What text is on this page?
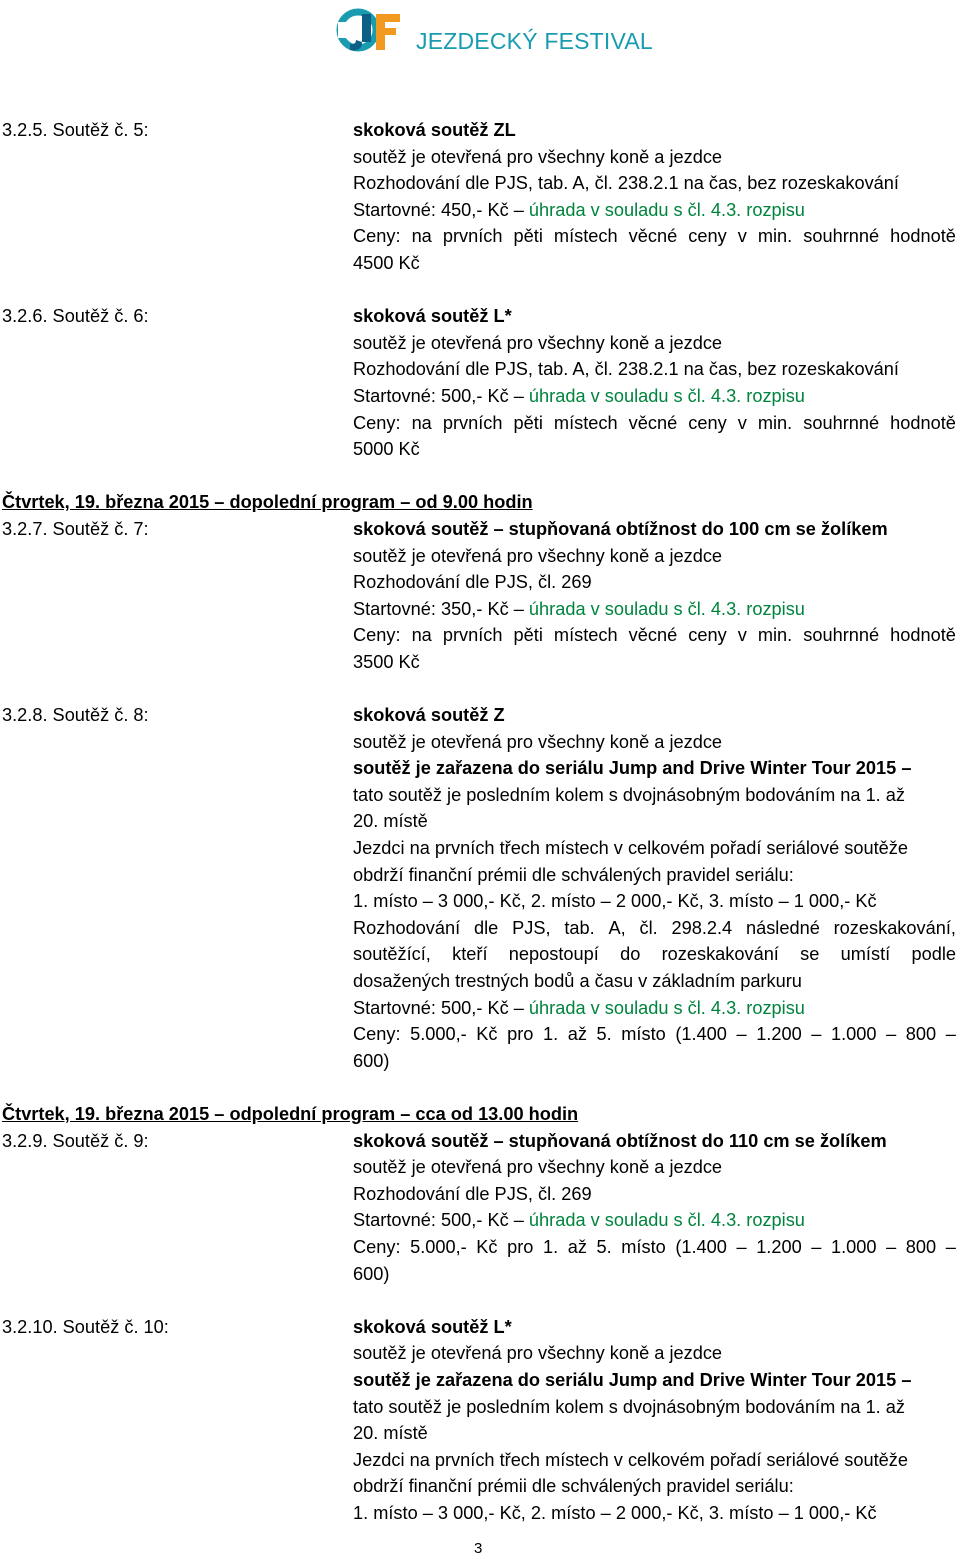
JEZDECKÝ FESTIVAL
3.2.5. Soutěž č. 5:	skoková soutěž ZL
soutěž je otevřená pro všechny koně a jezdce
Rozhodování dle PJS, tab. A, čl. 238.2.1 na čas, bez rozeskakování
Startovné: 450,- Kč – úhrada v souladu s čl. 4.3. rozpisu
Ceny: na prvních pěti místech věcné ceny v min. souhrnné hodnotě
4500 Kč
3.2.6. Soutěž č. 6:	skoková soutěž L*
soutěž je otevřená pro všechny koně a jezdce
Rozhodování dle PJS, tab. A, čl. 238.2.1 na čas, bez rozeskakování
Startovné: 500,- Kč – úhrada v souladu s čl. 4.3. rozpisu
Ceny: na prvních pěti místech věcné ceny v min. souhrnné hodnotě
5000 Kč
Čtvrtek, 19. března 2015 – dopolední program – od 9.00 hodin
3.2.7. Soutěž č. 7:	skoková soutěž – stupňovaná obtížnost do 100 cm se žolíkem
soutěž je otevřená pro všechny koně a jezdce
Rozhodování dle PJS, čl. 269
Startovné: 350,- Kč – úhrada v souladu s čl. 4.3. rozpisu
Ceny: na prvních pěti místech věcné ceny v min. souhrnné hodnotě
3500 Kč
3.2.8. Soutěž č. 8:	skoková soutěž Z
soutěž je otevřená pro všechny koně a jezdce
soutěž je zařazena do seriálu Jump and Drive Winter Tour 2015 –
tato soutěž je posledním kolem s dvojnásobným bodováním na 1. až
20. místě
Jezdci na prvních třech místech v celkovém pořadí seriálové soutěže
obdrží finanční prémii dle schválených pravidel seriálu:
1. místo – 3 000,- Kč, 2. místo – 2 000,- Kč, 3. místo – 1 000,- Kč
Rozhodování dle PJS, tab. A, čl. 298.2.4 následné rozeskakování,
soutěžící, kteří nepostoupí do rozeskakování se umístí podle
dosažených trestných bodů a času v základním parkuru
Startovné: 500,- Kč – úhrada v souladu s čl. 4.3. rozpisu
Ceny: 5.000,- Kč pro 1. až 5. místo (1.400 – 1.200 – 1.000 – 800 –
600)
Čtvrtek, 19. března 2015 – odpolední program – cca od 13.00 hodin
3.2.9. Soutěž č. 9:	skoková soutěž – stupňovaná obtížnost do 110 cm se žolíkem
soutěž je otevřená pro všechny koně a jezdce
Rozhodování dle PJS, čl. 269
Startovné: 500,- Kč – úhrada v souladu s čl. 4.3. rozpisu
Ceny: 5.000,- Kč pro 1. až 5. místo (1.400 – 1.200 – 1.000 – 800 –
600)
3.2.10. Soutěž č. 10:	skoková soutěž L*
soutěž je otevřená pro všechny koně a jezdce
soutěž je zařazena do seriálu Jump and Drive Winter Tour 2015 –
tato soutěž je posledním kolem s dvojnásobným bodováním na 1. až
20. místě
Jezdci na prvních třech místech v celkovém pořadí seriálové soutěže
obdrží finanční prémii dle schválených pravidel seriálu:
1. místo – 3 000,- Kč, 2. místo – 2 000,- Kč, 3. místo – 1 000,- Kč
3
